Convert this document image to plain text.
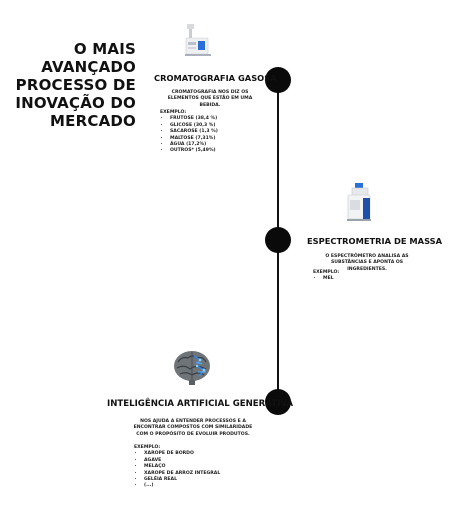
O MAIS AVANÇADO
PROCESSO DE
INOVAÇÃO DO
MERCADO
CROMATOGRAFIA GASOSA

CROMATOGRAFIA NOS DIZ OS ELEMENTOS QUE ESTÃO EM UMA BEBIDA.

EXEMPLO:

• FRUTOSE (38,4 %)
• GLICOSE (30,3 %)
• SACAROSE (1,3 %)
• MALTOSE (7,31%)
• ÁGUA (17,2%)
• OUTROS* (5,49%)
ESPECTROMETRIA DE MASSA

O ESPECTRÔMETRO ANALISA AS SUBSTÂNCIAS E APONTA OS INGREDIENTES.

EXEMPLO:

• MEL
INTELIGÊNCIA ARTIFICIAL GENERATIVA

NOS AJUDA A ENTENDER PROCESSOS E A ENCONTRAR COMPOSTOS COM SIMILARIDADE COM O PROPÓSITO DE EVOLUIR PRODUTOS.

EXEMPLO:

• XAROPE DE BORDO
• AGAVE
• MELAÇO
• XAROPE DE ARROZ INTEGRAL
• GELÉIA REAL
• (...)
